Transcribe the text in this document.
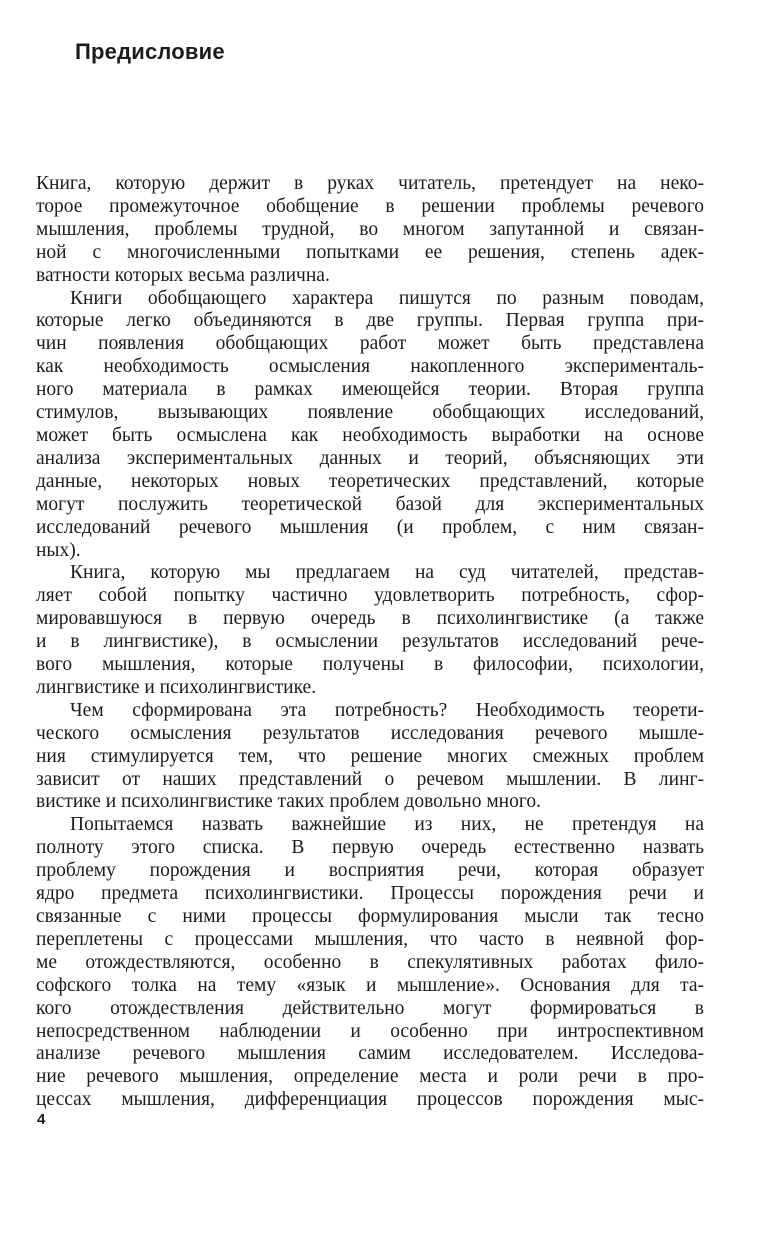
Предисловие

Книга, которую держит в руках читатель, претендует на неко-
торое промежуточное обобщение в решении проблемы речевого
мышления, проблемы трудной, во многом запутанной и связан-
ной с многочисленными попытками ее решения, степень адек-
ватности которых весьма различна.

Книги обобщающего характера пишутся по разным поводам,
которые легко объединяются в две группы. Первая группа при-
чин появления обобщающих работ может быть представлена
как необходимость осмысления накопленного эксперименталь-
ного материала в рамках имеющейся теории. Вторая группа
стимулов, вызывающих появление обобщающих исследований,
может быть осмыслена как необходимость выработки на основе
анализа экспериментальных данных и теорий, объясняющих эти
данные, некоторых новых теоретических представлений, которые
могут послужить теоретической базой для экспериментальных
исследований речевого мышления (и проблем, с ним связан-
ных).

Книга, которую мы предлагаем на суд читателей, представ-
ляет собой попытку частично удовлетворить потребность, сфор-
мировавшуюся в первую очередь в психолингвистике (а также
и в лингвистике), в осмыслении результатов исследований рече-
вого мышления, которые получены в философии, психологии,
лингвистике и психолингвистике.

Чем сформирована эта потребность? Необходимость теорети-
ческого осмысления результатов исследования речевого мышле-
ния стимулируется тем, что решение многих смежных проблем
зависит от наших представлений о речевом мышлении. В линг-
вистике и психолингвистике таких проблем довольно много.

Попытаемся назвать важнейшие из них, не претендуя на
полноту этого списка. В первую очередь естественно назвать
проблему порождения и восприятия речи, которая образует
ядро предмета психолингвистики. Процессы порождения речи и
связанные с ними процессы формулирования мысли так тесно
переплетены с процессами мышления, что часто в неявной фор-
ме отождествляются, особенно в спекулятивных работах фило-
софского толка на тему «язык и мышление». Основания для та-
кого отождествления действительно могут формироваться в
непосредственном наблюдении и особенно при интроспективном
анализе речевого мышления самим исследователем. Исследова-
ние речевого мышления, определение места и роли речи в про-
цессах мышления, дифференциация процессов порождения мыс-

4
